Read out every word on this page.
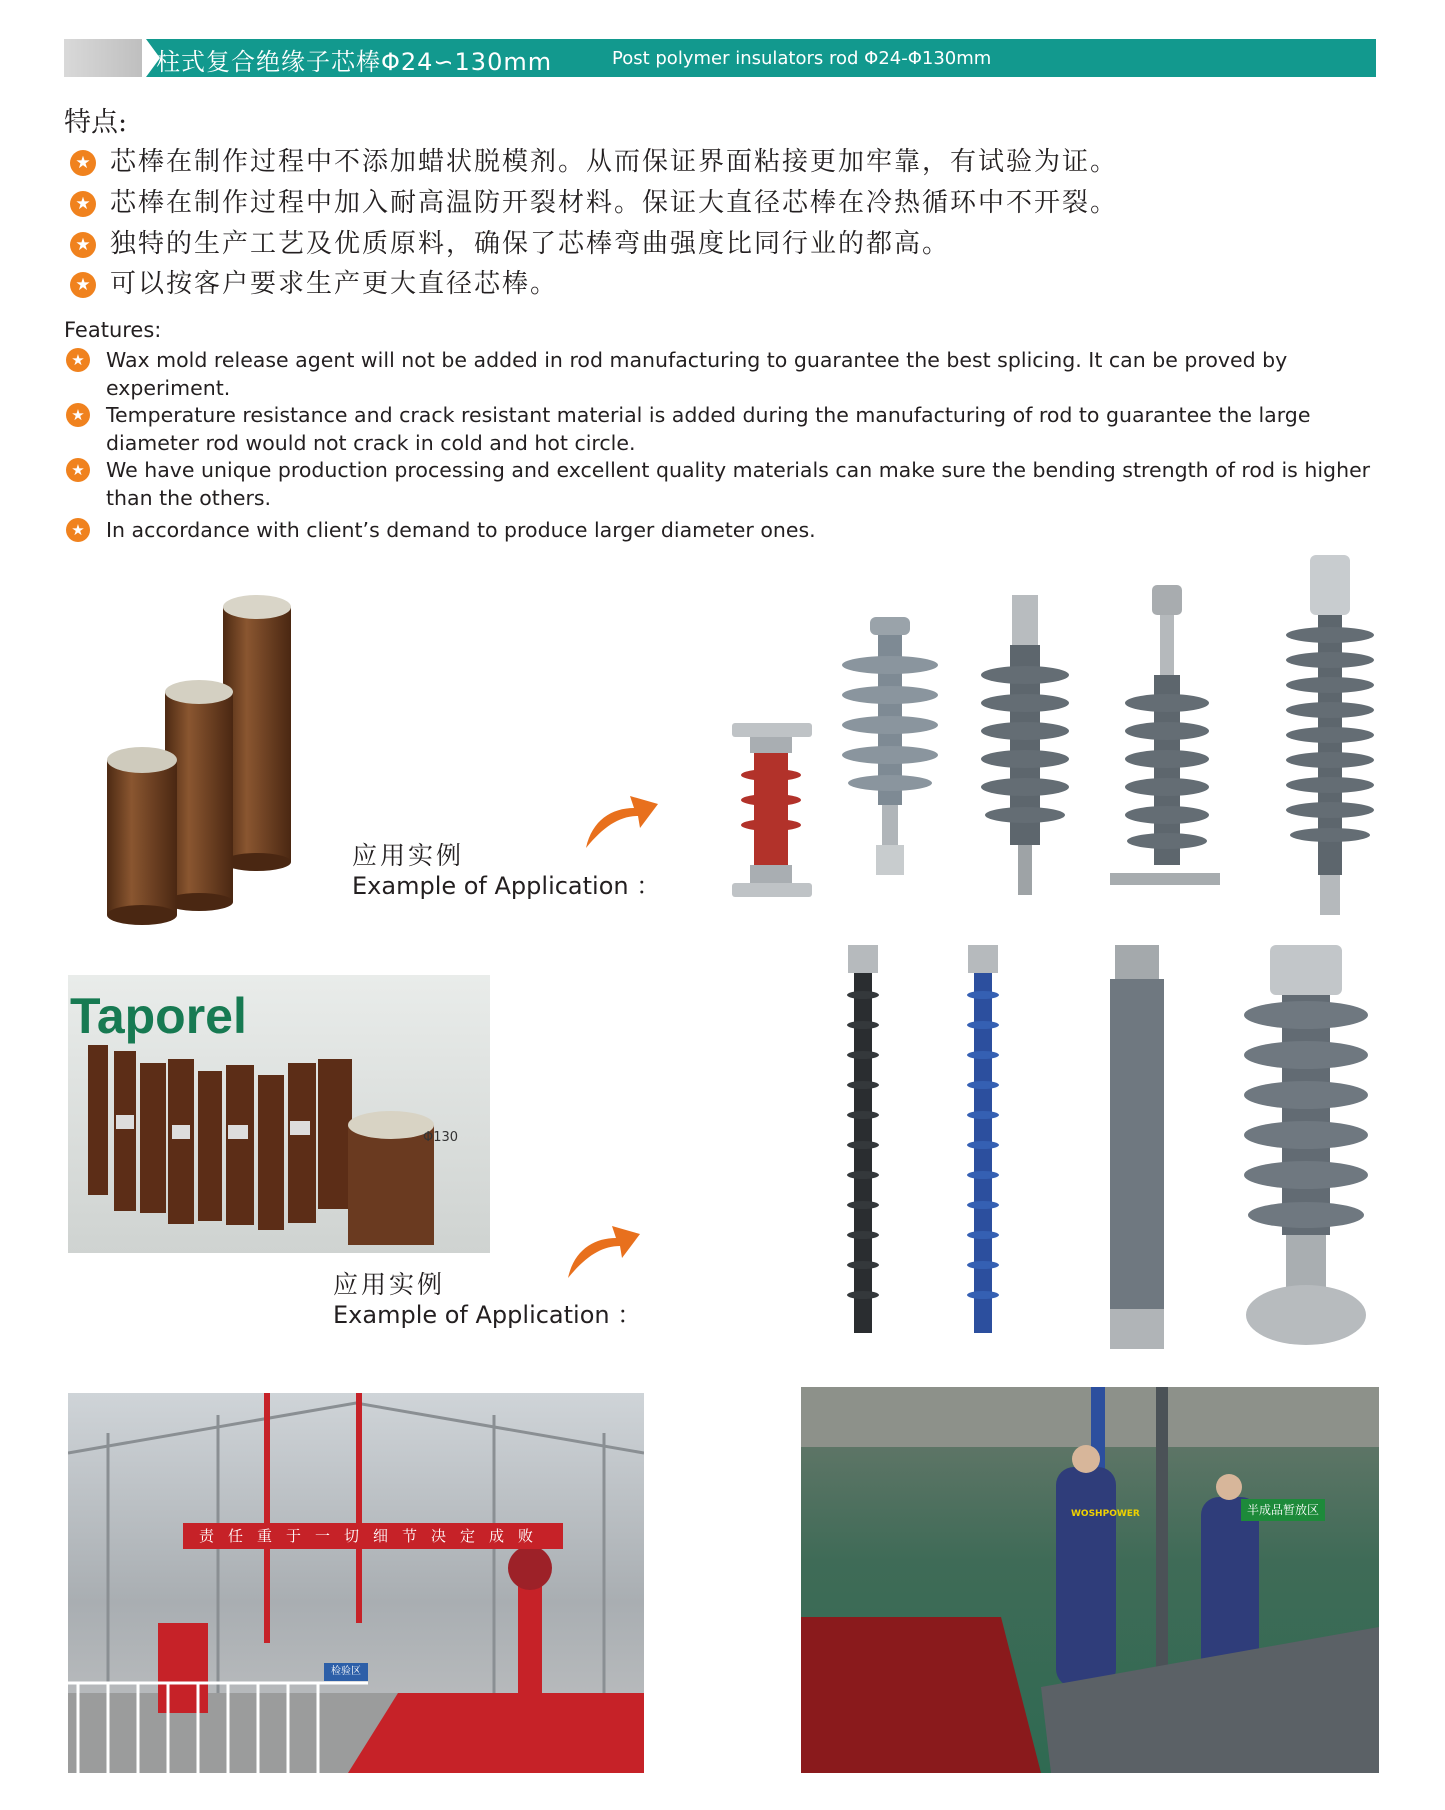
柱式复合绝缘子芯棒Φ24∽130mm	Post polymer insulators rod Φ24-Φ130mm
特点:
★ 芯棒在制作过程中不添加蜡状脱模剂。从而保证界面粘接更加牢靠，有试验为证。
★ 芯棒在制作过程中加入耐高温防开裂材料。保证大直径芯棒在冷热循环中不开裂。
★ 独特的生产工艺及优质原料，确保了芯棒弯曲强度比同行业的都高。
★ 可以按客户要求生产更大直径芯棒。
Features:
★ Wax mold release agent will not be added in rod manufacturing to guarantee the best splicing. It can be proved by experiment.
★ Temperature resistance and crack resistant material is added during the manufacturing of rod to guarantee the large diameter rod would not crack in cold and hot circle.
★ We have unique production processing and excellent quality materials can make sure the bending strength of rod is higher than the others.
★ In accordance with client’s demand to produce larger diameter ones.
应用实例
Example of Application ：
Taporel
Φ130
应用实例
Example of Application ：
责任重于一切细节决定成败
检验区
WOSHPOWER	半成品暂放区
